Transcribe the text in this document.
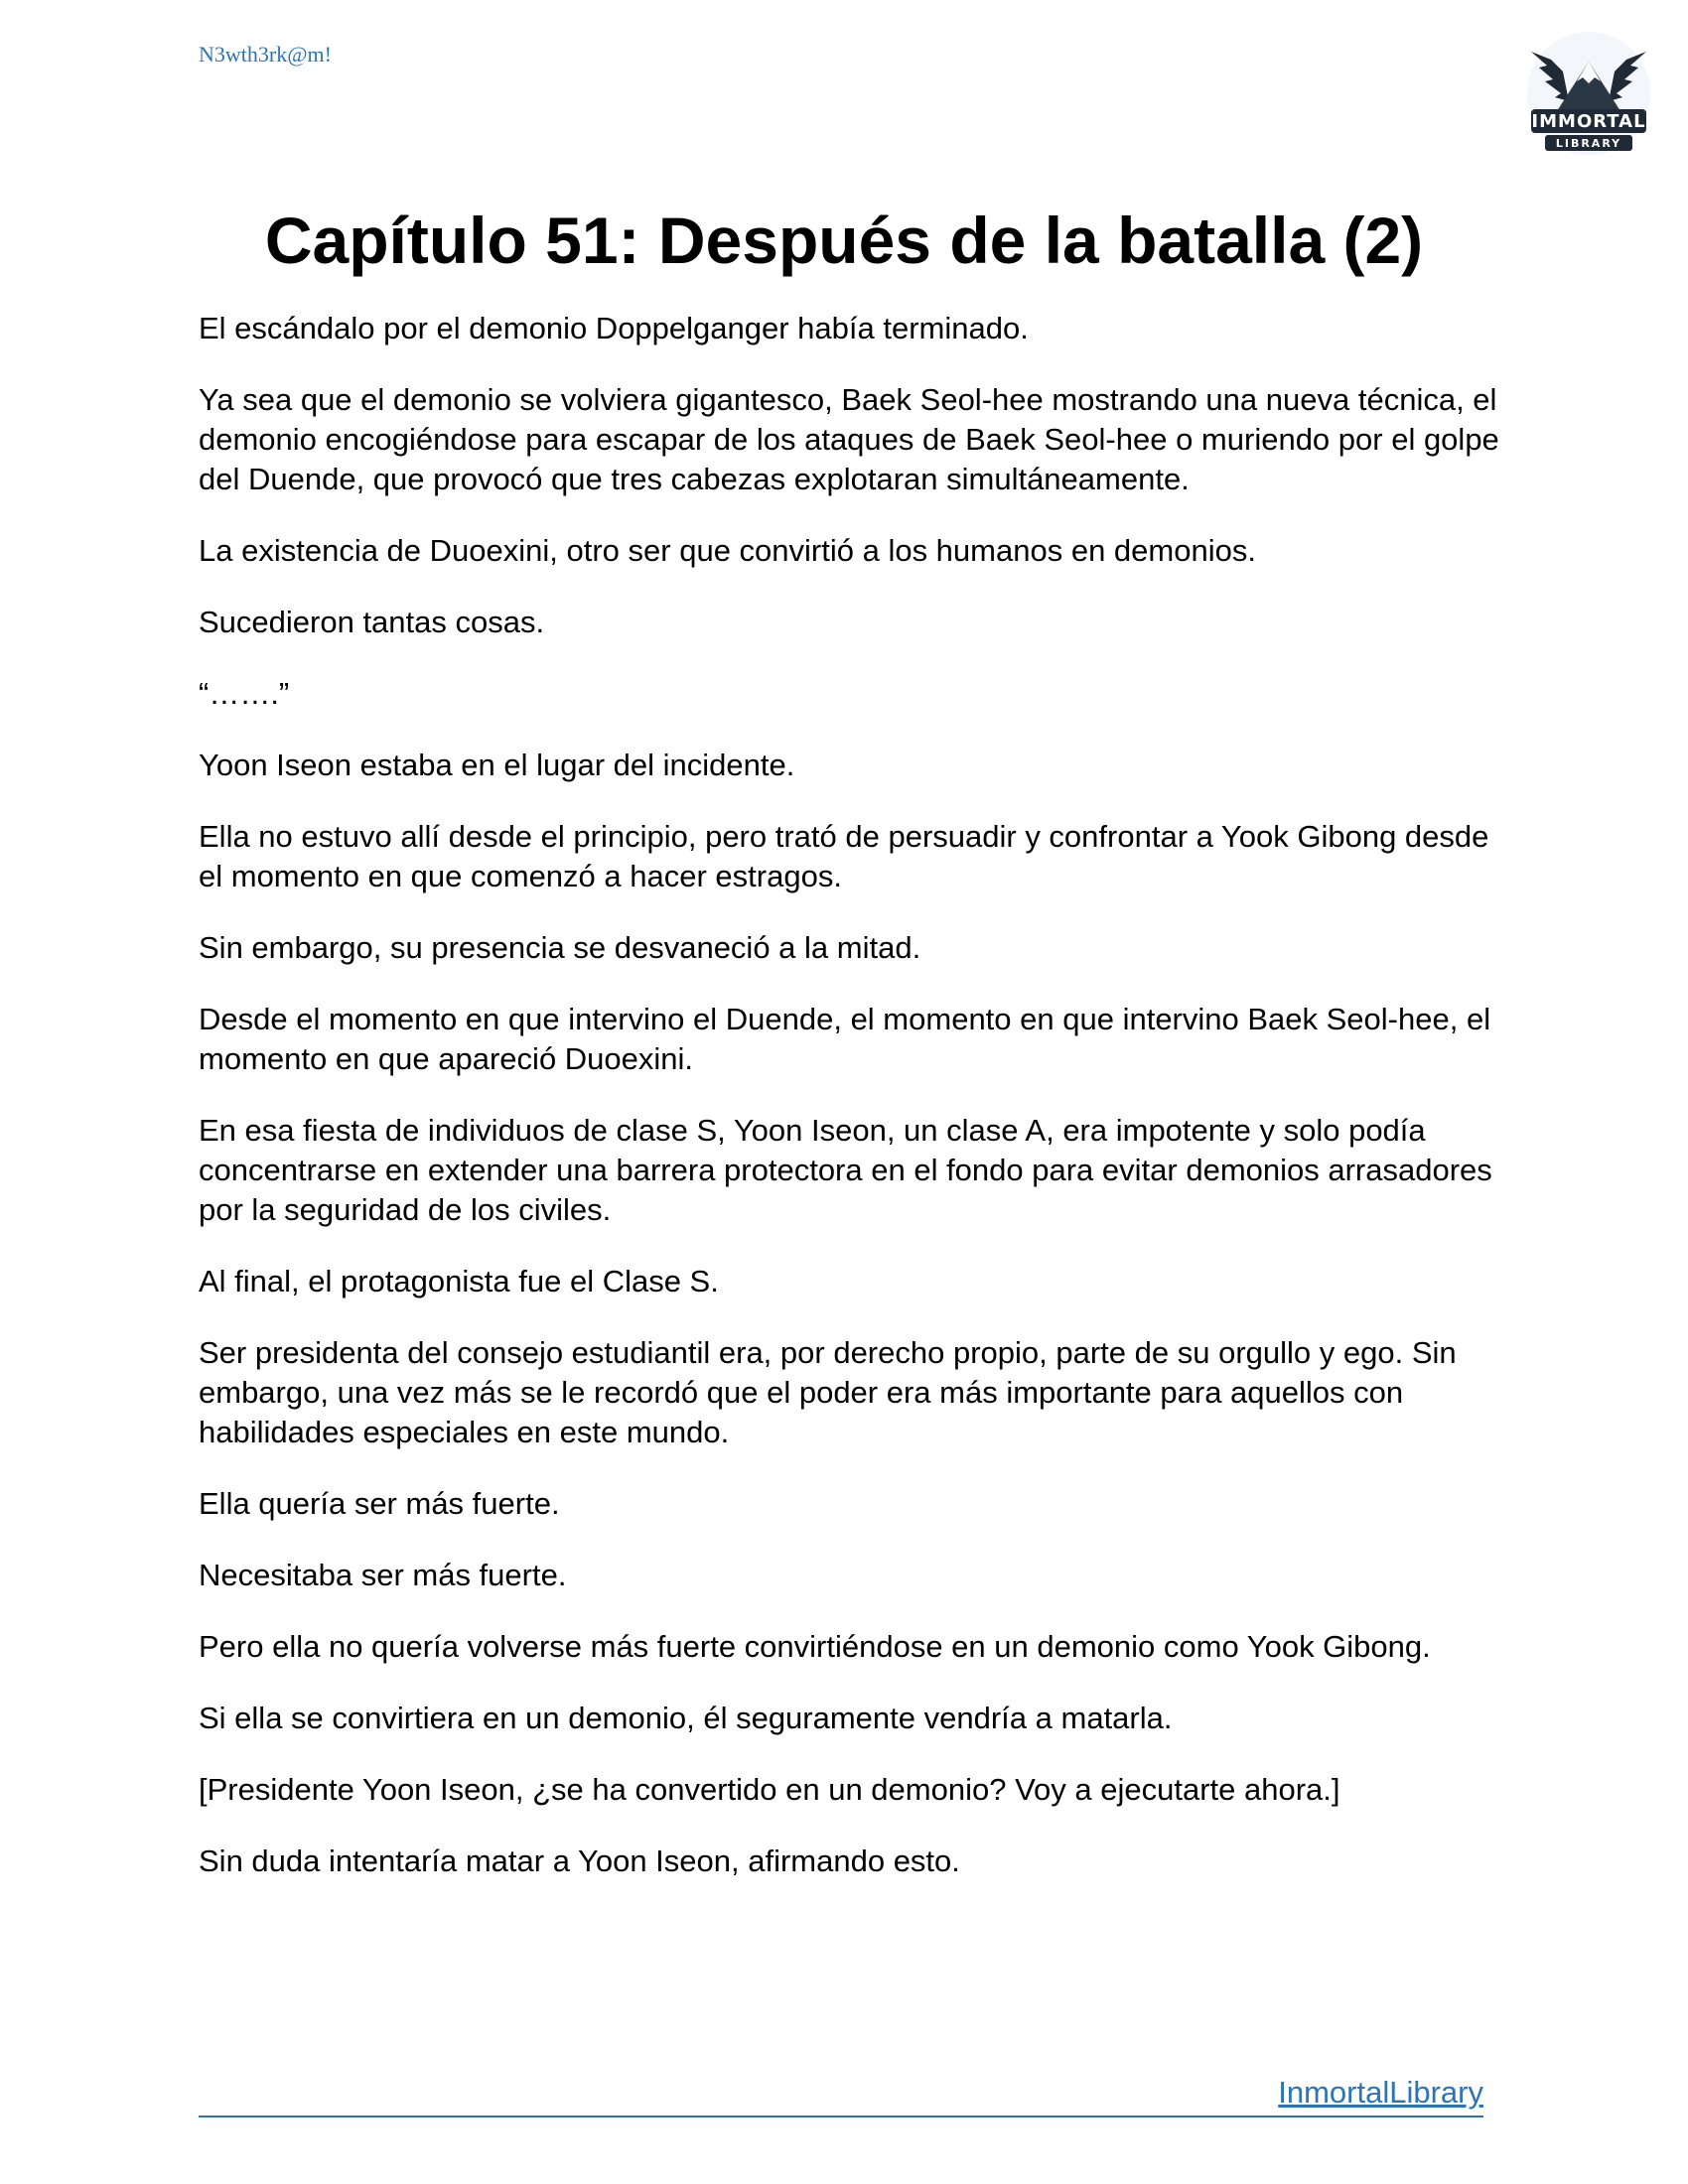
N3wth3rk@m!
IMMORTAL
LIBRARY
Capítulo 51: Después de la batalla (2)

El escándalo por el demonio Doppelganger había terminado.

Ya sea que el demonio se volviera gigantesco, Baek Seol-hee mostrando una nueva técnica, el demonio encogiéndose para escapar de los ataques de Baek Seol-hee o muriendo por el golpe del Duende, que provocó que tres cabezas explotaran simultáneamente.

La existencia de Duoexini, otro ser que convirtió a los humanos en demonios.

Sucedieron tantas cosas.

“…….”

Yoon Iseon estaba en el lugar del incidente.

Ella no estuvo allí desde el principio, pero trató de persuadir y confrontar a Yook Gibong desde el momento en que comenzó a hacer estragos.

Sin embargo, su presencia se desvaneció a la mitad.

Desde el momento en que intervino el Duende, el momento en que intervino Baek Seol-hee, el momento en que apareció Duoexini.

En esa fiesta de individuos de clase S, Yoon Iseon, un clase A, era impotente y solo podía concentrarse en extender una barrera protectora en el fondo para evitar demonios arrasadores por la seguridad de los civiles.

Al final, el protagonista fue el Clase S.

Ser presidenta del consejo estudiantil era, por derecho propio, parte de su orgullo y ego. Sin embargo, una vez más se le recordó que el poder era más importante para aquellos con habilidades especiales en este mundo.

Ella quería ser más fuerte.

Necesitaba ser más fuerte.

Pero ella no quería volverse más fuerte convirtiéndose en un demonio como Yook Gibong.

Si ella se convirtiera en un demonio, él seguramente vendría a matarla.

[Presidente Yoon Iseon, ¿se ha convertido en un demonio? Voy a ejecutarte ahora.]

Sin duda intentaría matar a Yoon Iseon, afirmando esto.

InmortalLibrary
